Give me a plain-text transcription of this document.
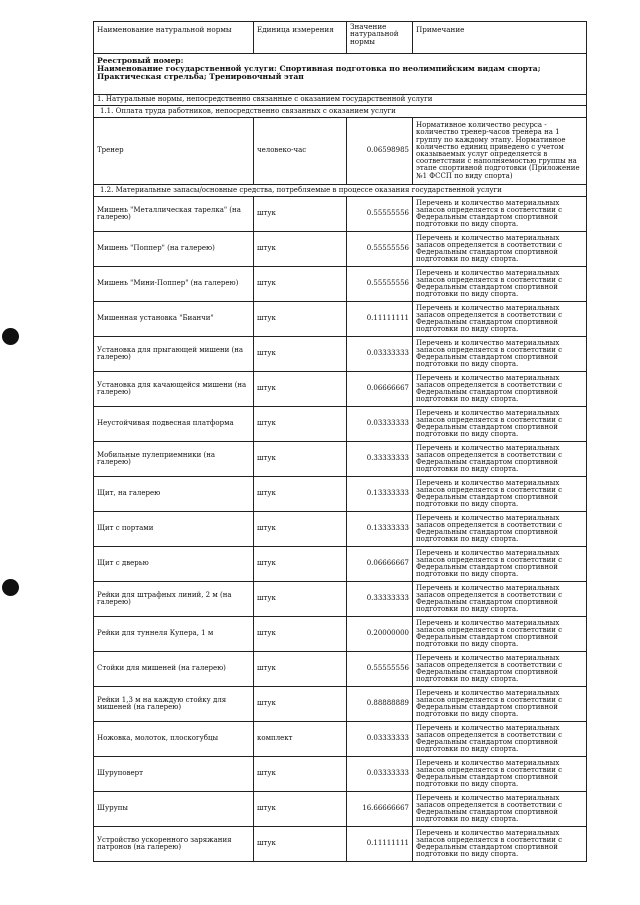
Наименование натуральной нормы	Единица измерения	Значение натуральной нормы	Примечание

Реестровый номер:
Наименование государственной услуги: Спортивная подготовка по неолимпийским видам спорта; Практическая стрельба; Тренировочный этап			

1. Натуральные нормы, непосредственно связанные с оказанием государственной услуги			
1.1. Оплата труда работников, непосредственно связанных с оказанием услуги			
Тренер	человеко-час	0.06598985	Нормативное количество ресурса - количество тренер-часов тренера на 1 группу по каждому этапу. Нормативное количество единиц приведено с учетом оказываемых услуг определяется в соответствии с наполняемостью группы на этапе спортивной подготовки (Приложение №1 ФССП по виду спорта)
1.2. Материальные запасы/основные средства, потребляемые в процессе оказания государственной услуги			
Мишень "Металлическая тарелка" (на галерею)	штук	0.55555556	Перечень и количество материальных запасов определяется в соответствии с Федеральным стандартом спортивной подготовки по виду спорта.
Мишень "Поппер" (на галерею)	штук	0.55555556	Перечень и количество материальных запасов определяется в соответствии с Федеральным стандартом спортивной подготовки по виду спорта.
Мишень "Мини-Поппер" (на галерею)	штук	0.55555556	Перечень и количество материальных запасов определяется в соответствии с Федеральным стандартом спортивной подготовки по виду спорта.
Мишенная установка "Бианчи"	штук	0.11111111	Перечень и количество материальных запасов определяется в соответствии с Федеральным стандартом спортивной подготовки по виду спорта.
Установка для прыгающей мишени (на галерею)	штук	0.03333333	Перечень и количество материальных запасов определяется в соответствии с Федеральным стандартом спортивной подготовки по виду спорта.
Установка для качающейся мишени (на галерею)	штук	0.06666667	Перечень и количество материальных запасов определяется в соответствии с Федеральным стандартом спортивной подготовки по виду спорта.
Неустойчивая подвесная платформа	штук	0.03333333	Перечень и количество материальных запасов определяется в соответствии с Федеральным стандартом спортивной подготовки по виду спорта.
Мобильные пулеприемники (на галерею)	штук	0.33333333	Перечень и количество материальных запасов определяется в соответствии с Федеральным стандартом спортивной подготовки по виду спорта.
Щит, на галерею	штук	0.13333333	Перечень и количество материальных запасов определяется в соответствии с Федеральным стандартом спортивной подготовки по виду спорта.
Щит с портами	штук	0.13333333	Перечень и количество материальных запасов определяется в соответствии с Федеральным стандартом спортивной подготовки по виду спорта.
Щит с дверью	штук	0.06666667	Перечень и количество материальных запасов определяется в соответствии с Федеральным стандартом спортивной подготовки по виду спорта.
Рейки для штрафных линий, 2 м (на галерею)	штук	0.33333333	Перечень и количество материальных запасов определяется в соответствии с Федеральным стандартом спортивной подготовки по виду спорта.
Рейки для туннеля Купера, 1 м	штук	0.20000000	Перечень и количество материальных запасов определяется в соответствии с Федеральным стандартом спортивной подготовки по виду спорта.
Стойки для мишеней (на галерею)	штук	0.55555556	Перечень и количество материальных запасов определяется в соответствии с Федеральным стандартом спортивной подготовки по виду спорта.
Рейки 1,3 м на каждую стойку для мишеней (на галерею)	штук	0.88888889	Перечень и количество материальных запасов определяется в соответствии с Федеральным стандартом спортивной подготовки по виду спорта.
Ножовка, молоток, плоскогубцы	комплект	0.03333333	Перечень и количество материальных запасов определяется в соответствии с Федеральным стандартом спортивной подготовки по виду спорта.
Шуруповерт	штук	0.03333333	Перечень и количество материальных запасов определяется в соответствии с Федеральным стандартом спортивной подготовки по виду спорта.
Шурупы	штук	16.66666667	Перечень и количество материальных запасов определяется в соответствии с Федеральным стандартом спортивной подготовки по виду спорта.
Устройство ускоренного заряжания патронов (на галерею)	штук	0.11111111	Перечень и количество материальных запасов определяется в соответствии с Федеральным стандартом спортивной подготовки по виду спорта.
